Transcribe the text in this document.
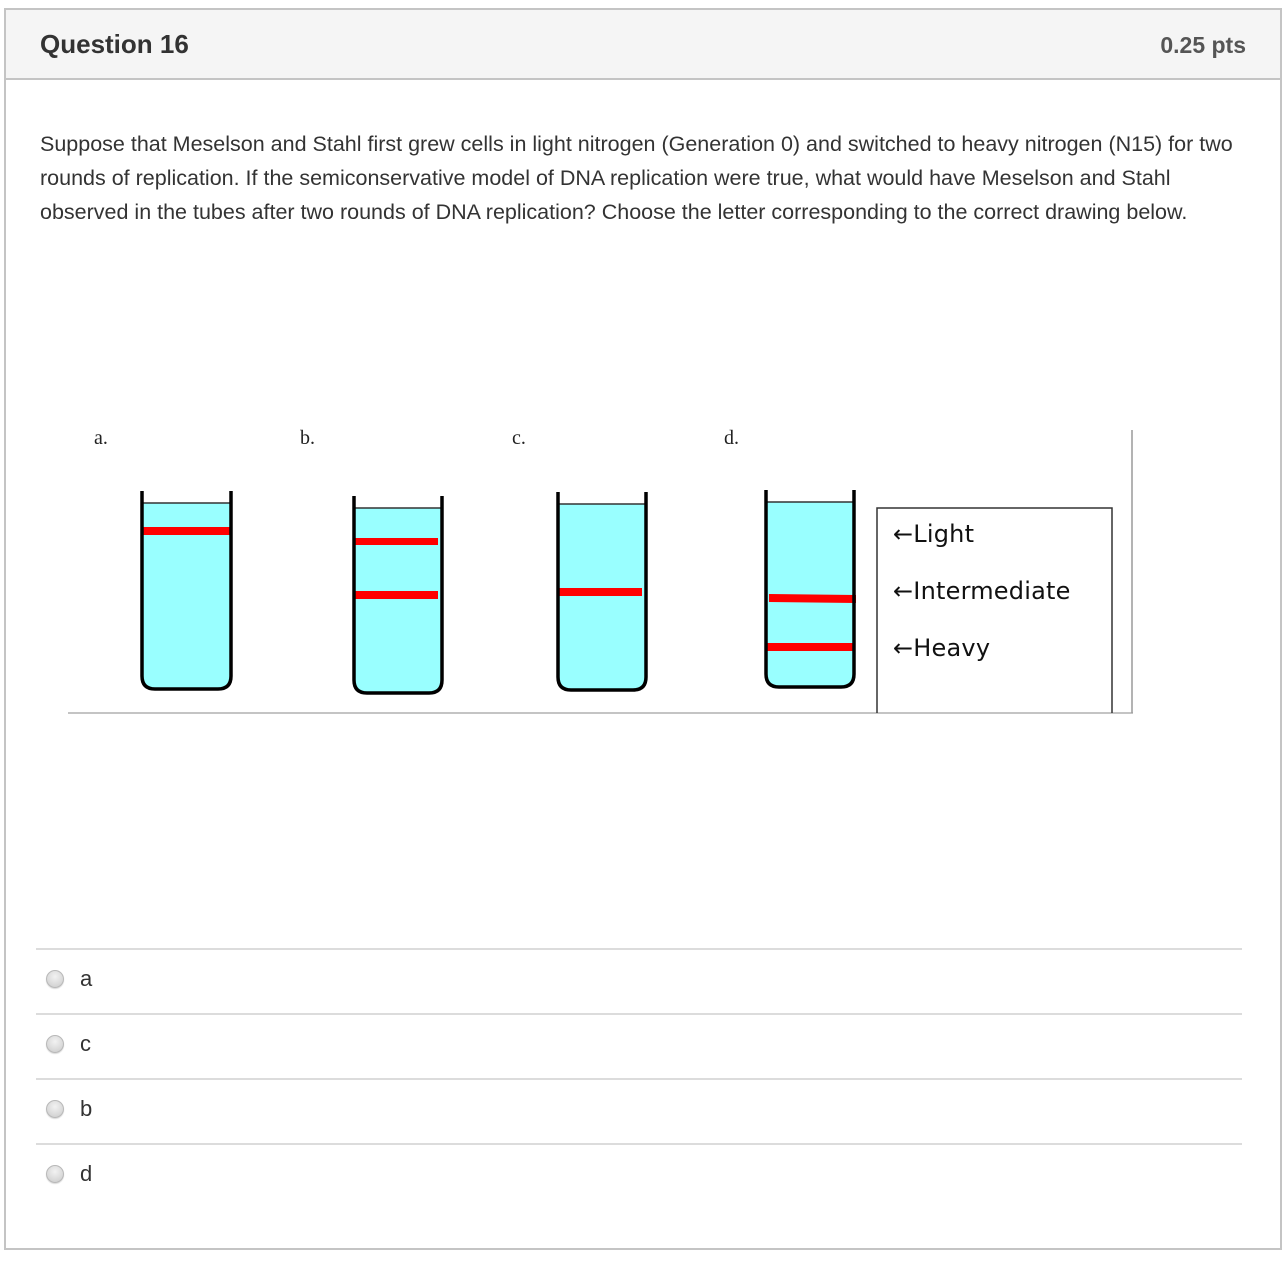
Question 16	0.25 pts
Suppose that Meselson and Stahl first grew cells in light nitrogen (Generation 0) and switched to heavy nitrogen (N15) for two rounds of replication. If the semiconservative model of DNA replication were true, what would have Meselson and Stahl observed in the tubes after two rounds of DNA replication? Choose the letter corresponding to the correct drawing below.
a.	b.	c.	d.
←Light
←Intermediate
←Heavy
a
c
b
d
